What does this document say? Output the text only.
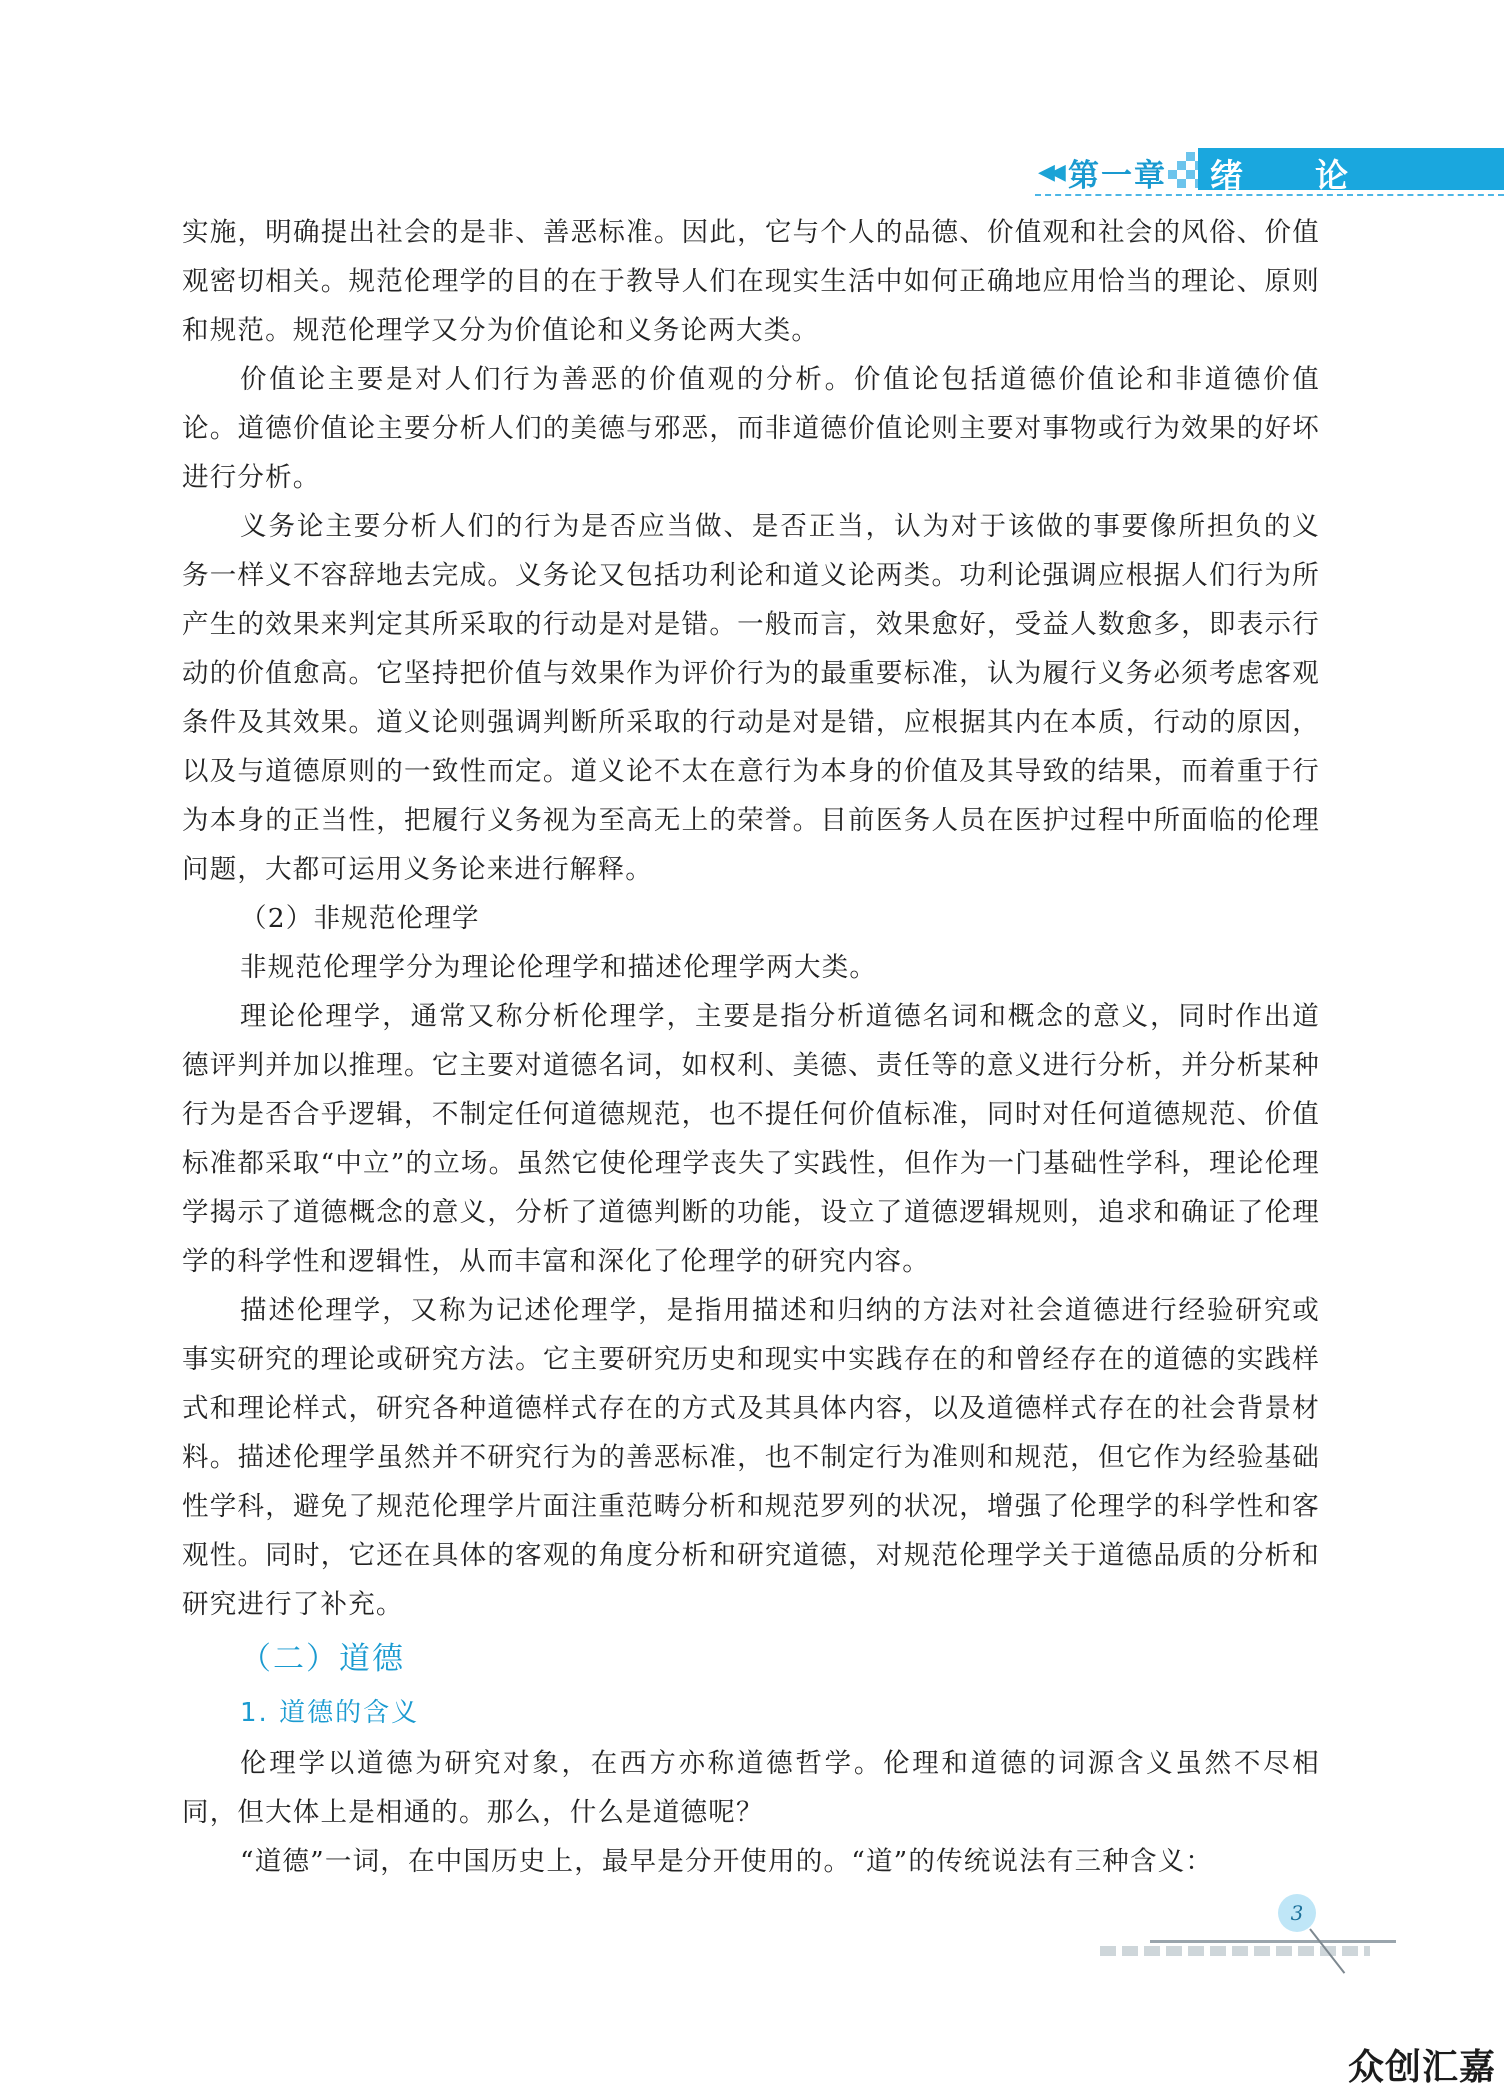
◀◀ 第一章 绪　　论

实施，明确提出社会的是非、善恶标准。因此，它与个人的品德、价值观和社会的风俗、价值观密切相关。规范伦理学的目的在于教导人们在现实生活中如何正确地应用恰当的理论、原则和规范。规范伦理学又分为价值论和义务论两大类。

价值论主要是对人们行为善恶的价值观的分析。价值论包括道德价值论和非道德价值论。道德价值论主要分析人们的美德与邪恶，而非道德价值论则主要对事物或行为效果的好坏进行分析。

义务论主要分析人们的行为是否应当做、是否正当，认为对于该做的事要像所担负的义务一样义不容辞地去完成。义务论又包括功利论和道义论两类。功利论强调应根据人们行为所产生的效果来判定其所采取的行动是对是错。一般而言，效果愈好，受益人数愈多，即表示行动的价值愈高。它坚持把价值与效果作为评价行为的最重要标准，认为履行义务必须考虑客观条件及其效果。道义论则强调判断所采取的行动是对是错，应根据其内在本质，行动的原因，以及与道德原则的一致性而定。道义论不太在意行为本身的价值及其导致的结果，而着重于行为本身的正当性，把履行义务视为至高无上的荣誉。目前医务人员在医护过程中所面临的伦理问题，大都可运用义务论来进行解释。

（2）非规范伦理学

非规范伦理学分为理论伦理学和描述伦理学两大类。

理论伦理学，通常又称分析伦理学，主要是指分析道德名词和概念的意义，同时作出道德评判并加以推理。它主要对道德名词，如权利、美德、责任等的意义进行分析，并分析某种行为是否合乎逻辑，不制定任何道德规范，也不提任何价值标准，同时对任何道德规范、价值标准都采取“中立”的立场。虽然它使伦理学丧失了实践性，但作为一门基础性学科，理论伦理学揭示了道德概念的意义，分析了道德判断的功能，设立了道德逻辑规则，追求和确证了伦理学的科学性和逻辑性，从而丰富和深化了伦理学的研究内容。

描述伦理学，又称为记述伦理学，是指用描述和归纳的方法对社会道德进行经验研究或事实研究的理论或研究方法。它主要研究历史和现实中实践存在的和曾经存在的道德的实践样式和理论样式，研究各种道德样式存在的方式及其具体内容，以及道德样式存在的社会背景材料。描述伦理学虽然并不研究行为的善恶标准，也不制定行为准则和规范，但它作为经验基础性学科，避免了规范伦理学片面注重范畴分析和规范罗列的状况，增强了伦理学的科学性和客观性。同时，它还在具体的客观的角度分析和研究道德，对规范伦理学关于道德品质的分析和研究进行了补充。

（二）道德
1. 道德的含义

伦理学以道德为研究对象，在西方亦称道德哲学。伦理和道德的词源含义虽然不尽相同，但大体上是相通的。那么，什么是道德呢？

“道德”一词，在中国历史上，最早是分开使用的。“道”的传统说法有三种含义：

3
众创汇嘉
